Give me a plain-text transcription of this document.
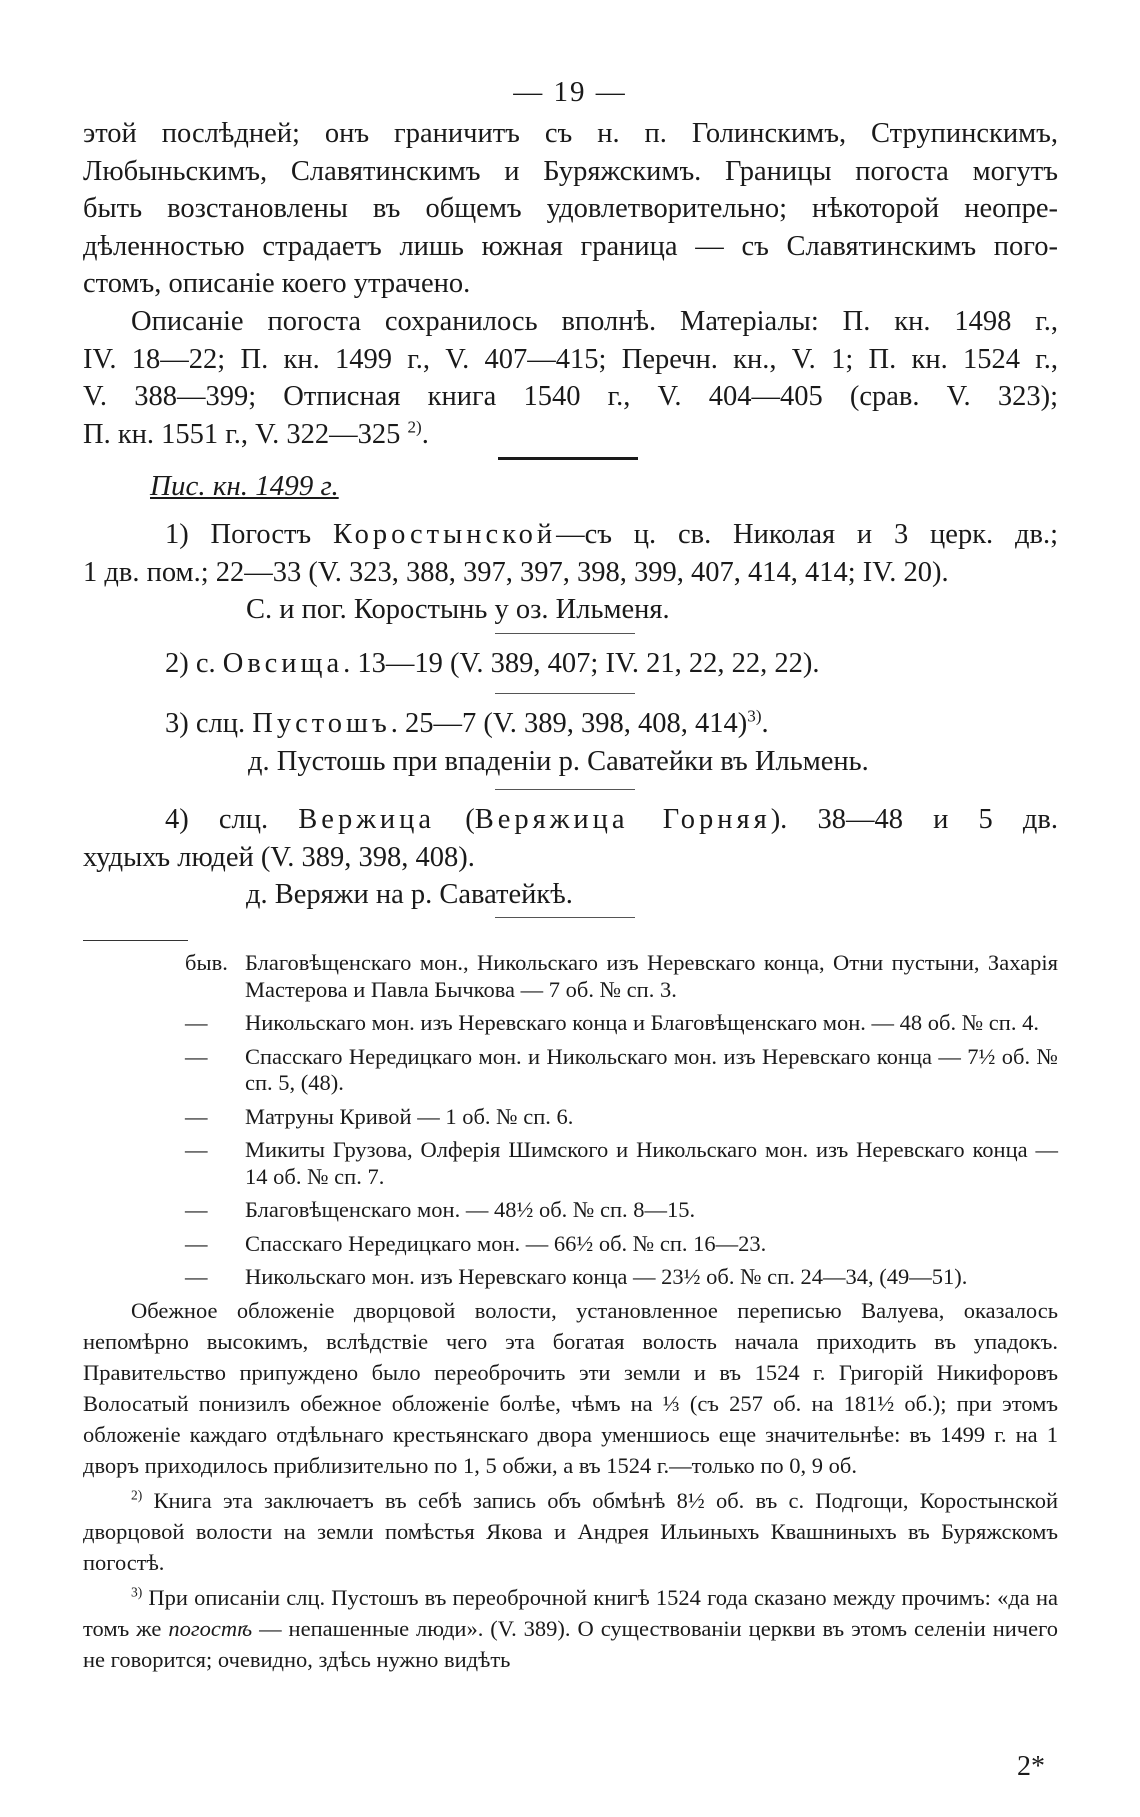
— 19 —
этой послѣдней; онъ граничитъ съ н. п. Голинскимъ, Струпинскимъ,
Любыньскимъ, Славятинскимъ и Буряжскимъ. Границы погоста могутъ
быть возстановлены въ общемъ удовлетворительно; нѣкоторой неопре-
дѣленностью страдаетъ лишь южная граница — съ Славятинскимъ пого-
стомъ, описаніе коего утрачено.
Описаніе погоста сохранилось вполнѣ. Матеріалы: П. кн. 1498 г.,
IV. 18—22; П. кн. 1499 г., V. 407—415; Перечн. кн., V. 1; П. кн. 1524 г.,
V. 388—399; Отписная книга 1540 г., V. 404—405 (срав. V. 323);
П. кн. 1551 г., V. 322—325 $^{2)}$.
Пис. кн. 1499 г.
1) Погостъ Коростынской—съ ц. св. Николая и 3 церк. дв.;
1 дв. пом.; 22—33 (V. 323, 388, 397, 397, 398, 399, 407, 414, 414; IV. 20).
С. и пог. Коростынь у оз. Ильменя.
2) с. Овсища. 13—19 (V. 389, 407; IV. 21, 22, 22, 22).
3) слц. Пустошъ. 25—7 (V. 389, 398, 408, 414)$^{3)}$.
д. Пустошь при впаденіи р. Саватейки въ Ильмень.
4) слц. Вержица (Веряжица Горняя). 38—48 и 5 дв.
худыхъ людей (V. 389, 398, 408).
д. Веряжи на р. Саватейкѣ.
быв. Благовѣщенскаго мон., Никольскаго изъ Неревскаго конца, Отни пустыни, Захарія Мастерова и Павла Бычкова — 7 об. № сп. 3.
—	Никольскаго мон. изъ Неревскаго конца и Благовѣщенскаго мон. — 48 об. № сп. 4.
—	Спасскаго Нередицкаго мон. и Никольскаго мон. изъ Неревскаго конца — 7½ об. № сп. 5, (48).
—	Матруны Кривой — 1 об. № сп. 6.
—	Микиты Грузова, Олферія Шимского и Никольскаго мон. изъ Неревскаго конца — 14 об. № сп. 7.
—	Благовѣщенскаго мон. — 48½ об. № сп. 8—15.
—	Спасскаго Нередицкаго мон. — 66½ об. № сп. 16—23.
—	Никольскаго мон. изъ Неревскаго конца — 23½ об. № сп. 24—34, (49—51).

Обежное обложеніе дворцовой волости, установленное переписью Валуева, оказалось непомѣрно высокимъ, вслѣдствіе чего эта богатая волость начала приходить въ упадокъ. Правительство припуждено было переоброчить эти земли и въ 1524 г. Григорій Никифоровъ Волосатый понизилъ обежное обложеніе болѣе, чѣмъ на ⅓ (съ 257 об. на 181½ об.); при этомъ обложеніе каждаго отдѣльнаго крестьянскаго двора уменшиось еще значительнѣе: въ 1499 г. на 1 дворъ приходилось приблизительно по 1, 5 обжи, а въ 1524 г.—только по 0, 9 об.

$^{2)}$ Книга эта заключаетъ въ себѣ запись объ обмѣнѣ 8½ об. въ с. Подгощи, Коростынской дворцовой волости на земли помѣстья Якова и Андрея Ильиныхъ Квашниныхъ въ Буряжскомъ погостѣ.

$^{3)}$ При описаніи слц. Пустошъ въ переоброчной книгѣ 1524 года сказано между прочимъ: «да на томъ же погостѣ — непашенные люди». (V. 389). О существованіи церкви въ этомъ селеніи ничего не говорится; очевидно, здѣсь нужно видѣть

2*
